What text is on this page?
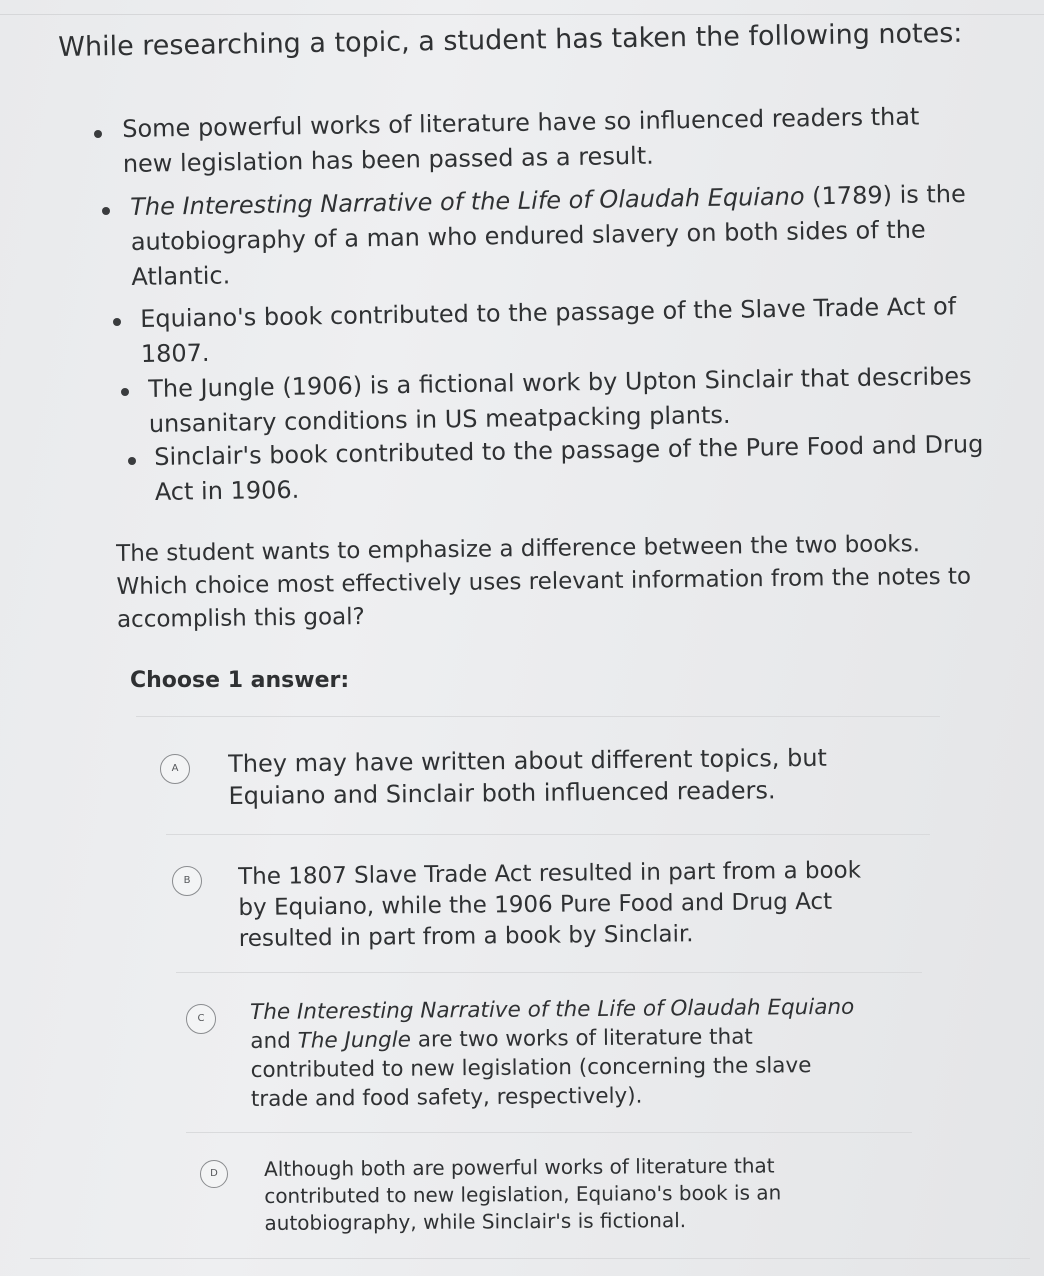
While researching a topic, a student has taken the following notes:
Some powerful works of literature have so influenced readers that
new legislation has been passed as a result.
The Interesting Narrative of the Life of Olaudah Equiano (1789) is the
autobiography of a man who endured slavery on both sides of the
Atlantic.
Equiano's book contributed to the passage of the Slave Trade Act of
1807.
The Jungle (1906) is a fictional work by Upton Sinclair that describes
unsanitary conditions in US meatpacking plants.
Sinclair's book contributed to the passage of the Pure Food and Drug
Act in 1906.
The student wants to emphasize a difference between the two books.
Which choice most effectively uses relevant information from the notes to
accomplish this goal?
Choose 1 answer:
A	They may have written about different topics, but
Equiano and Sinclair both influenced readers.
B	The 1807 Slave Trade Act resulted in part from a book
by Equiano, while the 1906 Pure Food and Drug Act
resulted in part from a book by Sinclair.
C	The Interesting Narrative of the Life of Olaudah Equiano
and The Jungle are two works of literature that
contributed to new legislation (concerning the slave
trade and food safety, respectively).
D	Although both are powerful works of literature that
contributed to new legislation, Equiano's book is an
autobiography, while Sinclair's is fictional.
